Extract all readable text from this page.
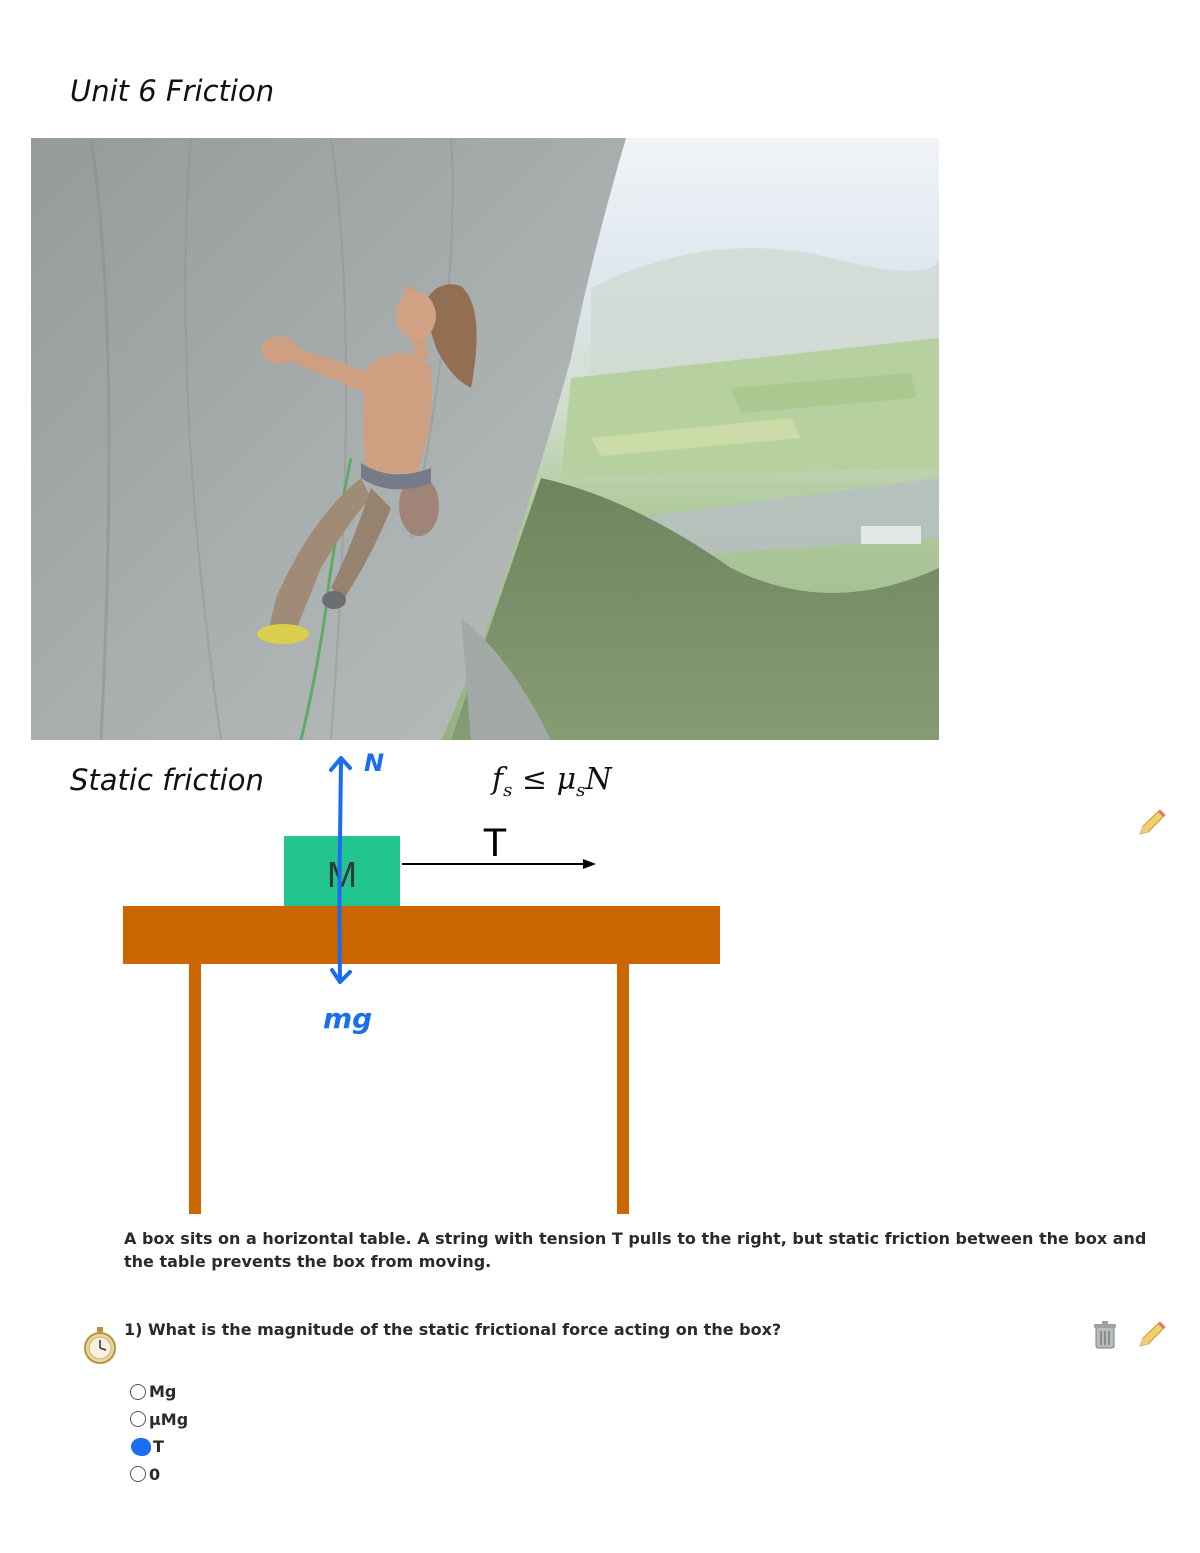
Unit 6 Friction
Static friction	$f_s \le \mu_sN$
M
T
N
mg
A box sits on a horizontal table. A string with tension T pulls to the right, but static friction between the box and the table prevents the box from moving.
1) What is the magnitude of the static frictional force acting on the box?
Mg
μMg
T
0
